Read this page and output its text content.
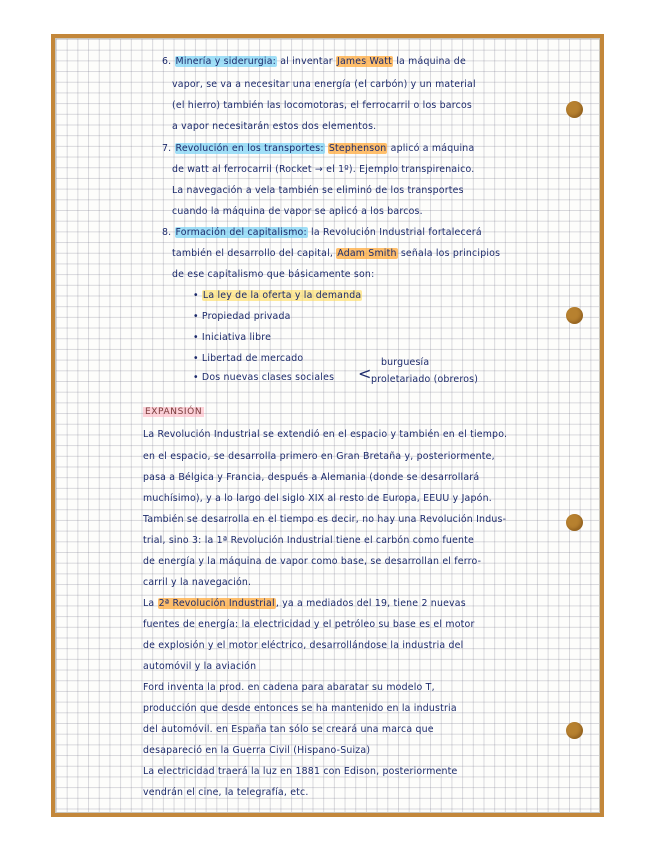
6. Minería y siderurgia: al inventar James Watt la máquina de
vapor, se va a necesitar una energía (el carbón) y un material
(el hierro) también las locomotoras, el ferrocarril o los barcos
a vapor necesitarán estos dos elementos.
7. Revolución en los transportes: Stephenson aplicó a máquina
de watt al ferrocarril (Rocket → el 1º). Ejemplo transpirenaico.
La navegación a vela también se eliminó de los transportes
cuando la máquina de vapor se aplicó a los barcos.
8. Formación del capitalismo: la Revolución Industrial fortalecerá
también el desarrollo del capital, Adam Smith señala los principios
de ese capitalismo que básicamente son:
• La ley de la oferta y la demanda
• Propiedad privada
• Iniciativa libre
• Libertad de mercado
• Dos nuevas clases sociales <
burguesía
proletariado (obreros)
EXPANSIÓN
La Revolución Industrial se extendió en el espacio y también en el tiempo.
en el espacio, se desarrolla primero en Gran Bretaña y, posteriormente,
pasa a Bélgica y Francia, después a Alemania (donde se desarrollará
muchísimo), y a lo largo del siglo XIX al resto de Europa, EEUU y Japón.
También se desarrolla en el tiempo es decir, no hay una Revolución Indus-
trial, sino 3: la 1ª Revolución Industrial tiene el carbón como fuente
de energía y la máquina de vapor como base, se desarrollan el ferro-
carril y la navegación.
La 2ª Revolución Industrial, ya a mediados del 19, tiene 2 nuevas
fuentes de energía: la electricidad y el petróleo su base es el motor
de explosión y el motor eléctrico, desarrollándose la industria del
automóvil y la aviación
Ford inventa la prod. en cadena para abaratar su modelo T,
producción que desde entonces se ha mantenido en la industria
del automóvil. en España tan sólo se creará una marca que
desapareció en la Guerra Civil (Hispano-Suiza)
La electricidad traerá la luz en 1881 con Edison, posteriormente
vendrán el cine, la telegrafía, etc.
